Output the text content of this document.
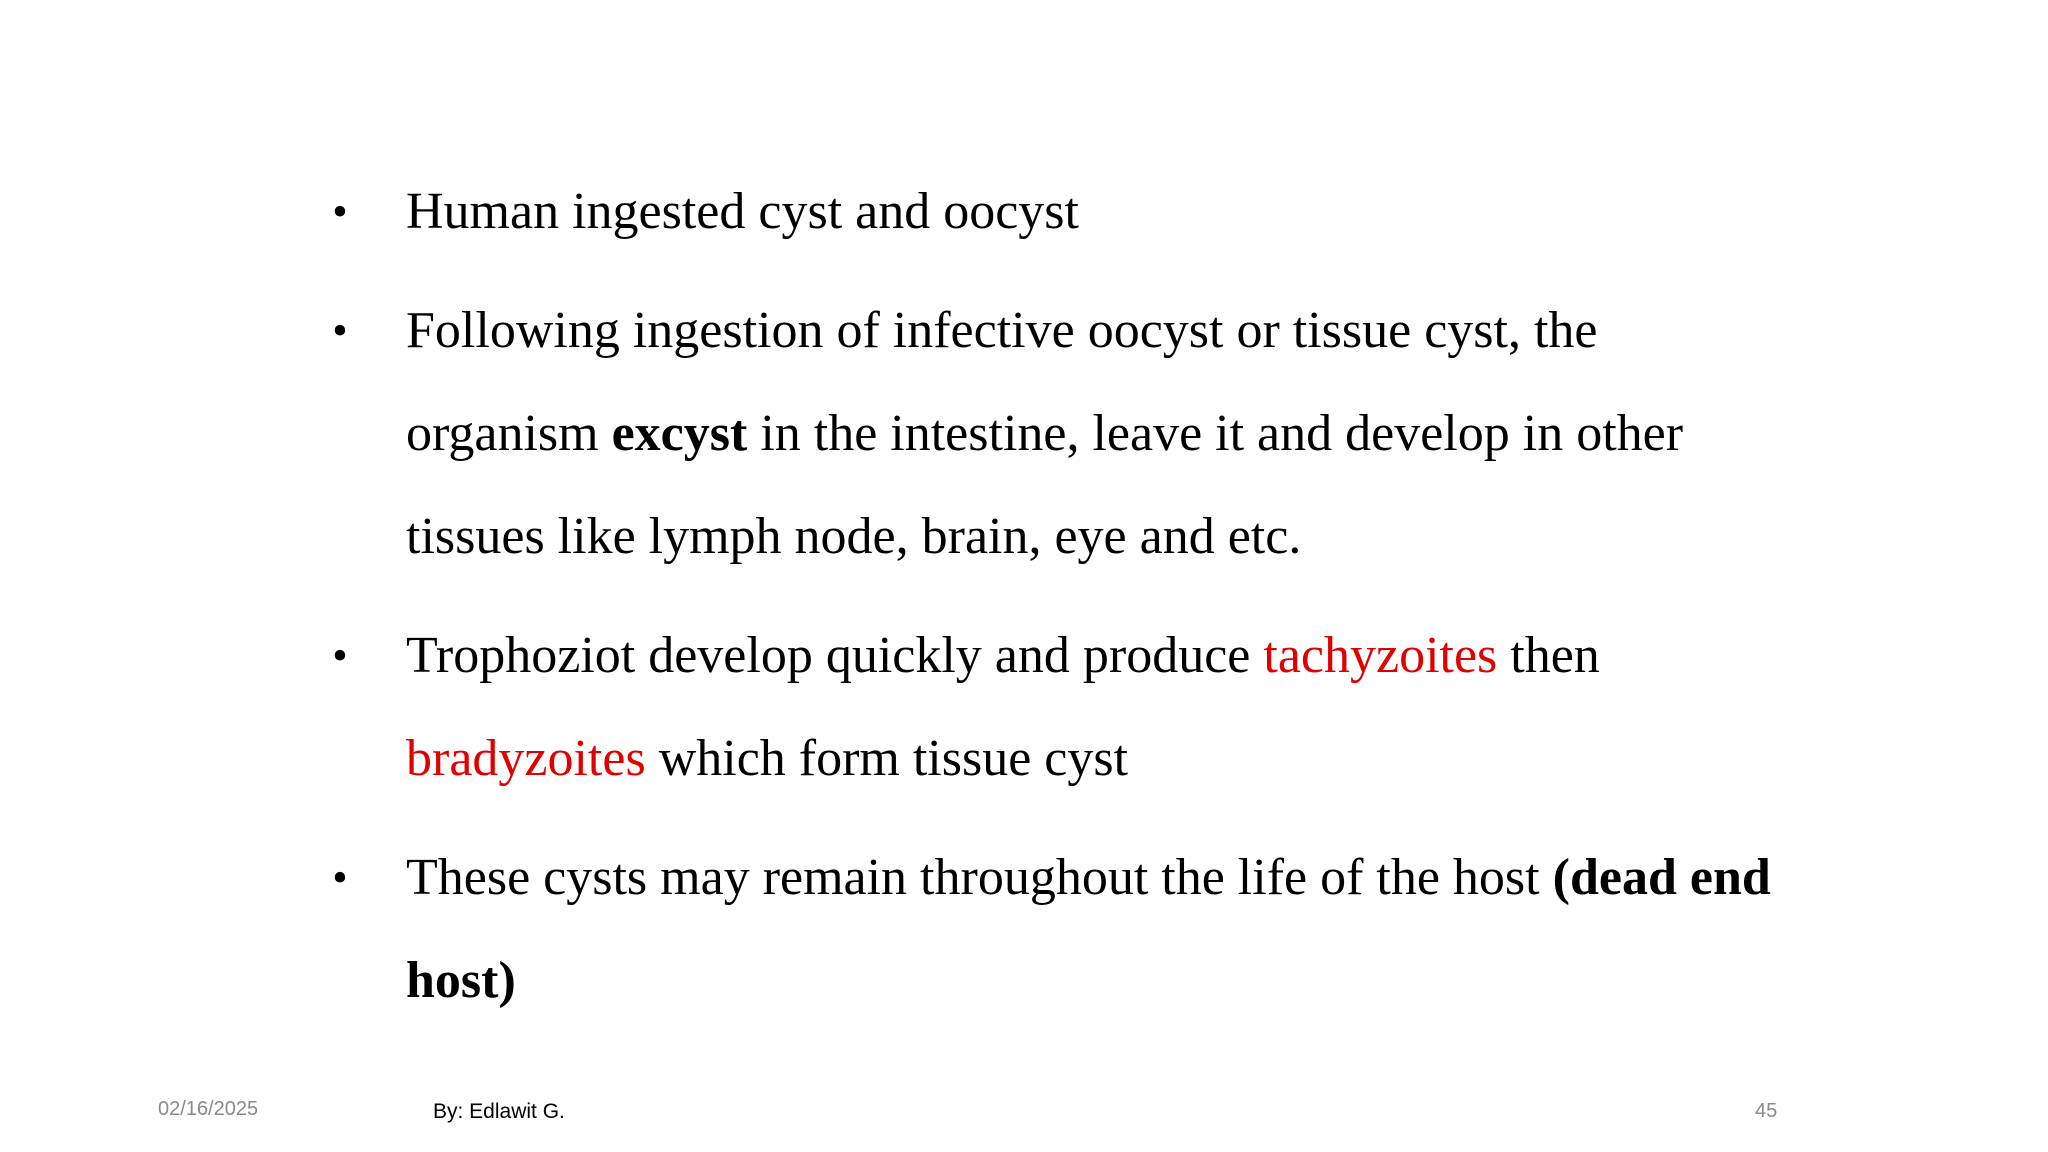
• Human ingested cyst and oocyst
• Following ingestion of infective oocyst or tissue cyst, the organism excyst in the intestine, leave it and develop in other tissues like lymph node, brain, eye and etc.
• Trophoziot develop quickly and produce tachyzoites then bradyzoites which form tissue cyst
• These cysts may remain throughout the life of the host (dead end host)
02/16/2025	By: Edlawit G.	45
